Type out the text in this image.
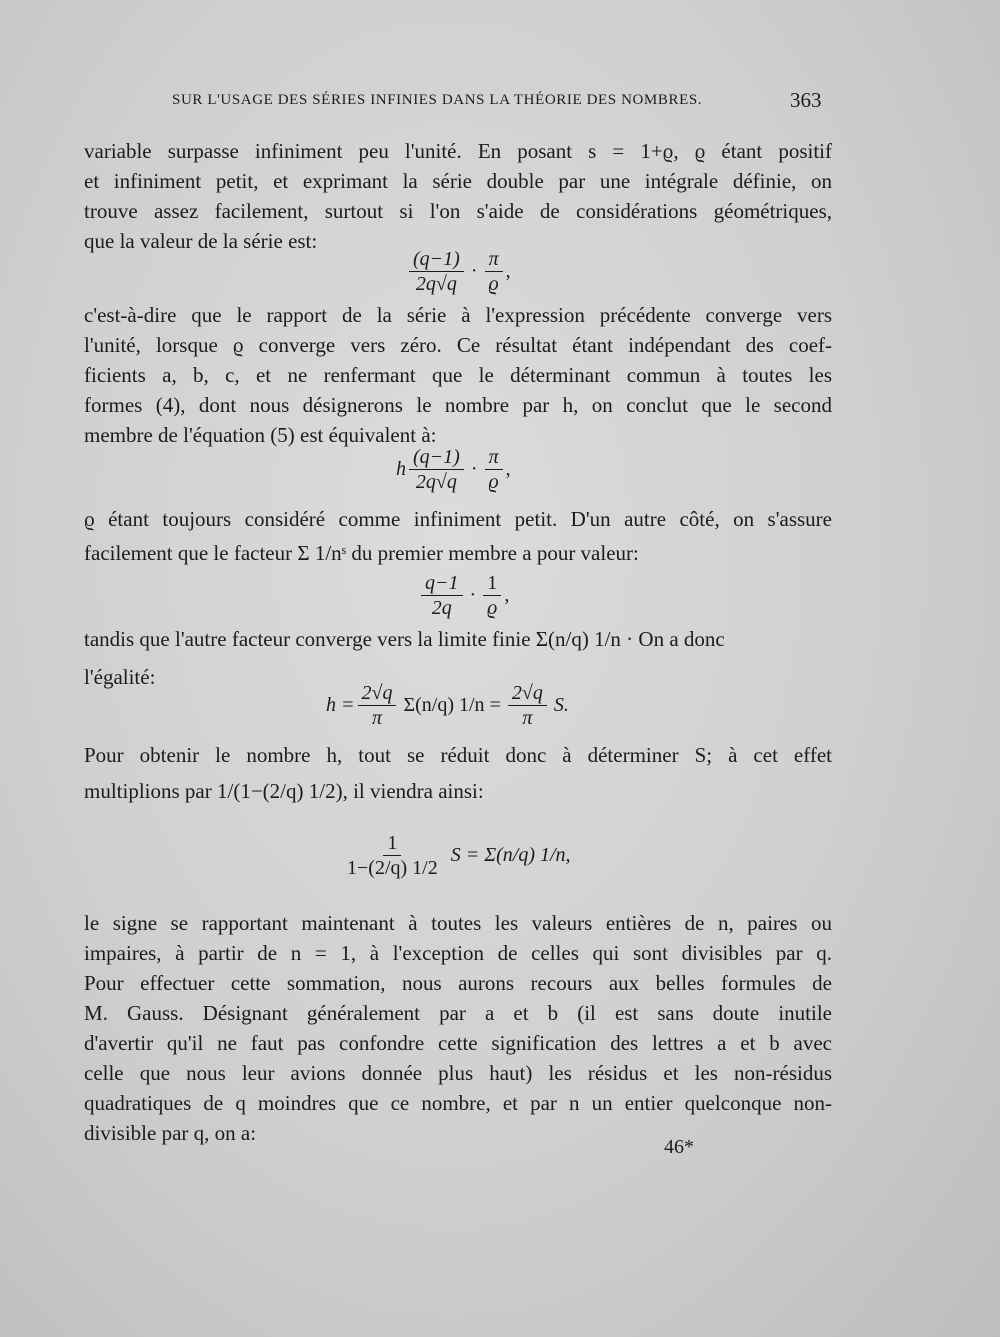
SUR L'USAGE DES SÉRIES INFINIES DANS LA THÉORIE DES NOMBRES.	363
variable surpasse infiniment peu l'unité. En posant s = 1+ϱ, ϱ étant positif
et infiniment petit, et exprimant la série double par une intégrale définie, on
trouve assez facilement, surtout si l'on s'aide de considérations géométriques,
que la valeur de la série est:
$\frac{(q-1)}{2q√q} \cdot \frac{\pi}{ϱ}$ ,
c'est-à-dire que le rapport de la série à l'expression précédente converge vers
l'unité, lorsque ϱ converge vers zéro. Ce résultat étant indépendant des coef-
ficients a, b, c, et ne renfermant que le déterminant commun à toutes les
formes (4), dont nous désignerons le nombre par h, on conclut que le second
membre de l'équation (5) est équivalent à:
h $\frac{(q-1)}{2q√q} \cdot \frac{\pi}{ϱ}$ ,
ϱ étant toujours considéré comme infiniment petit. D'un autre côté, on s'assure
facilement que le facteur Σ 1/nˢ du premier membre a pour valeur:
$\frac{q-1}{2q} \cdot \frac{1}{ϱ}$ ,
tandis que l'autre facteur converge vers la limite finie Σ(n/q) 1/n · On a donc
l'égalité:
$h = \frac{2√q}{\pi} \Sigma(n/q) 1/n = \frac{2√q}{\pi} S$.
Pour obtenir le nombre h, tout se réduit donc à déterminer S; à cet effet
multiplions par 1/(1−(2/q) 1/2), il viendra ainsi:
$\frac{1}{1-(2/q) 1/2}$ S = Σ(n/q) 1/n,
le signe se rapportant maintenant à toutes les valeurs entières de n, paires ou
impaires, à partir de n = 1, à l'exception de celles qui sont divisibles par q.
Pour effectuer cette sommation, nous aurons recours aux belles formules de
M. Gauss. Désignant généralement par a et b (il est sans doute inutile
d'avertir qu'il ne faut pas confondre cette signification des lettres a et b avec
celle que nous leur avions donnée plus haut) les résidus et les non-résidus
quadratiques de q moindres que ce nombre, et par n un entier quelconque non-
divisible par q, on a:
46*
